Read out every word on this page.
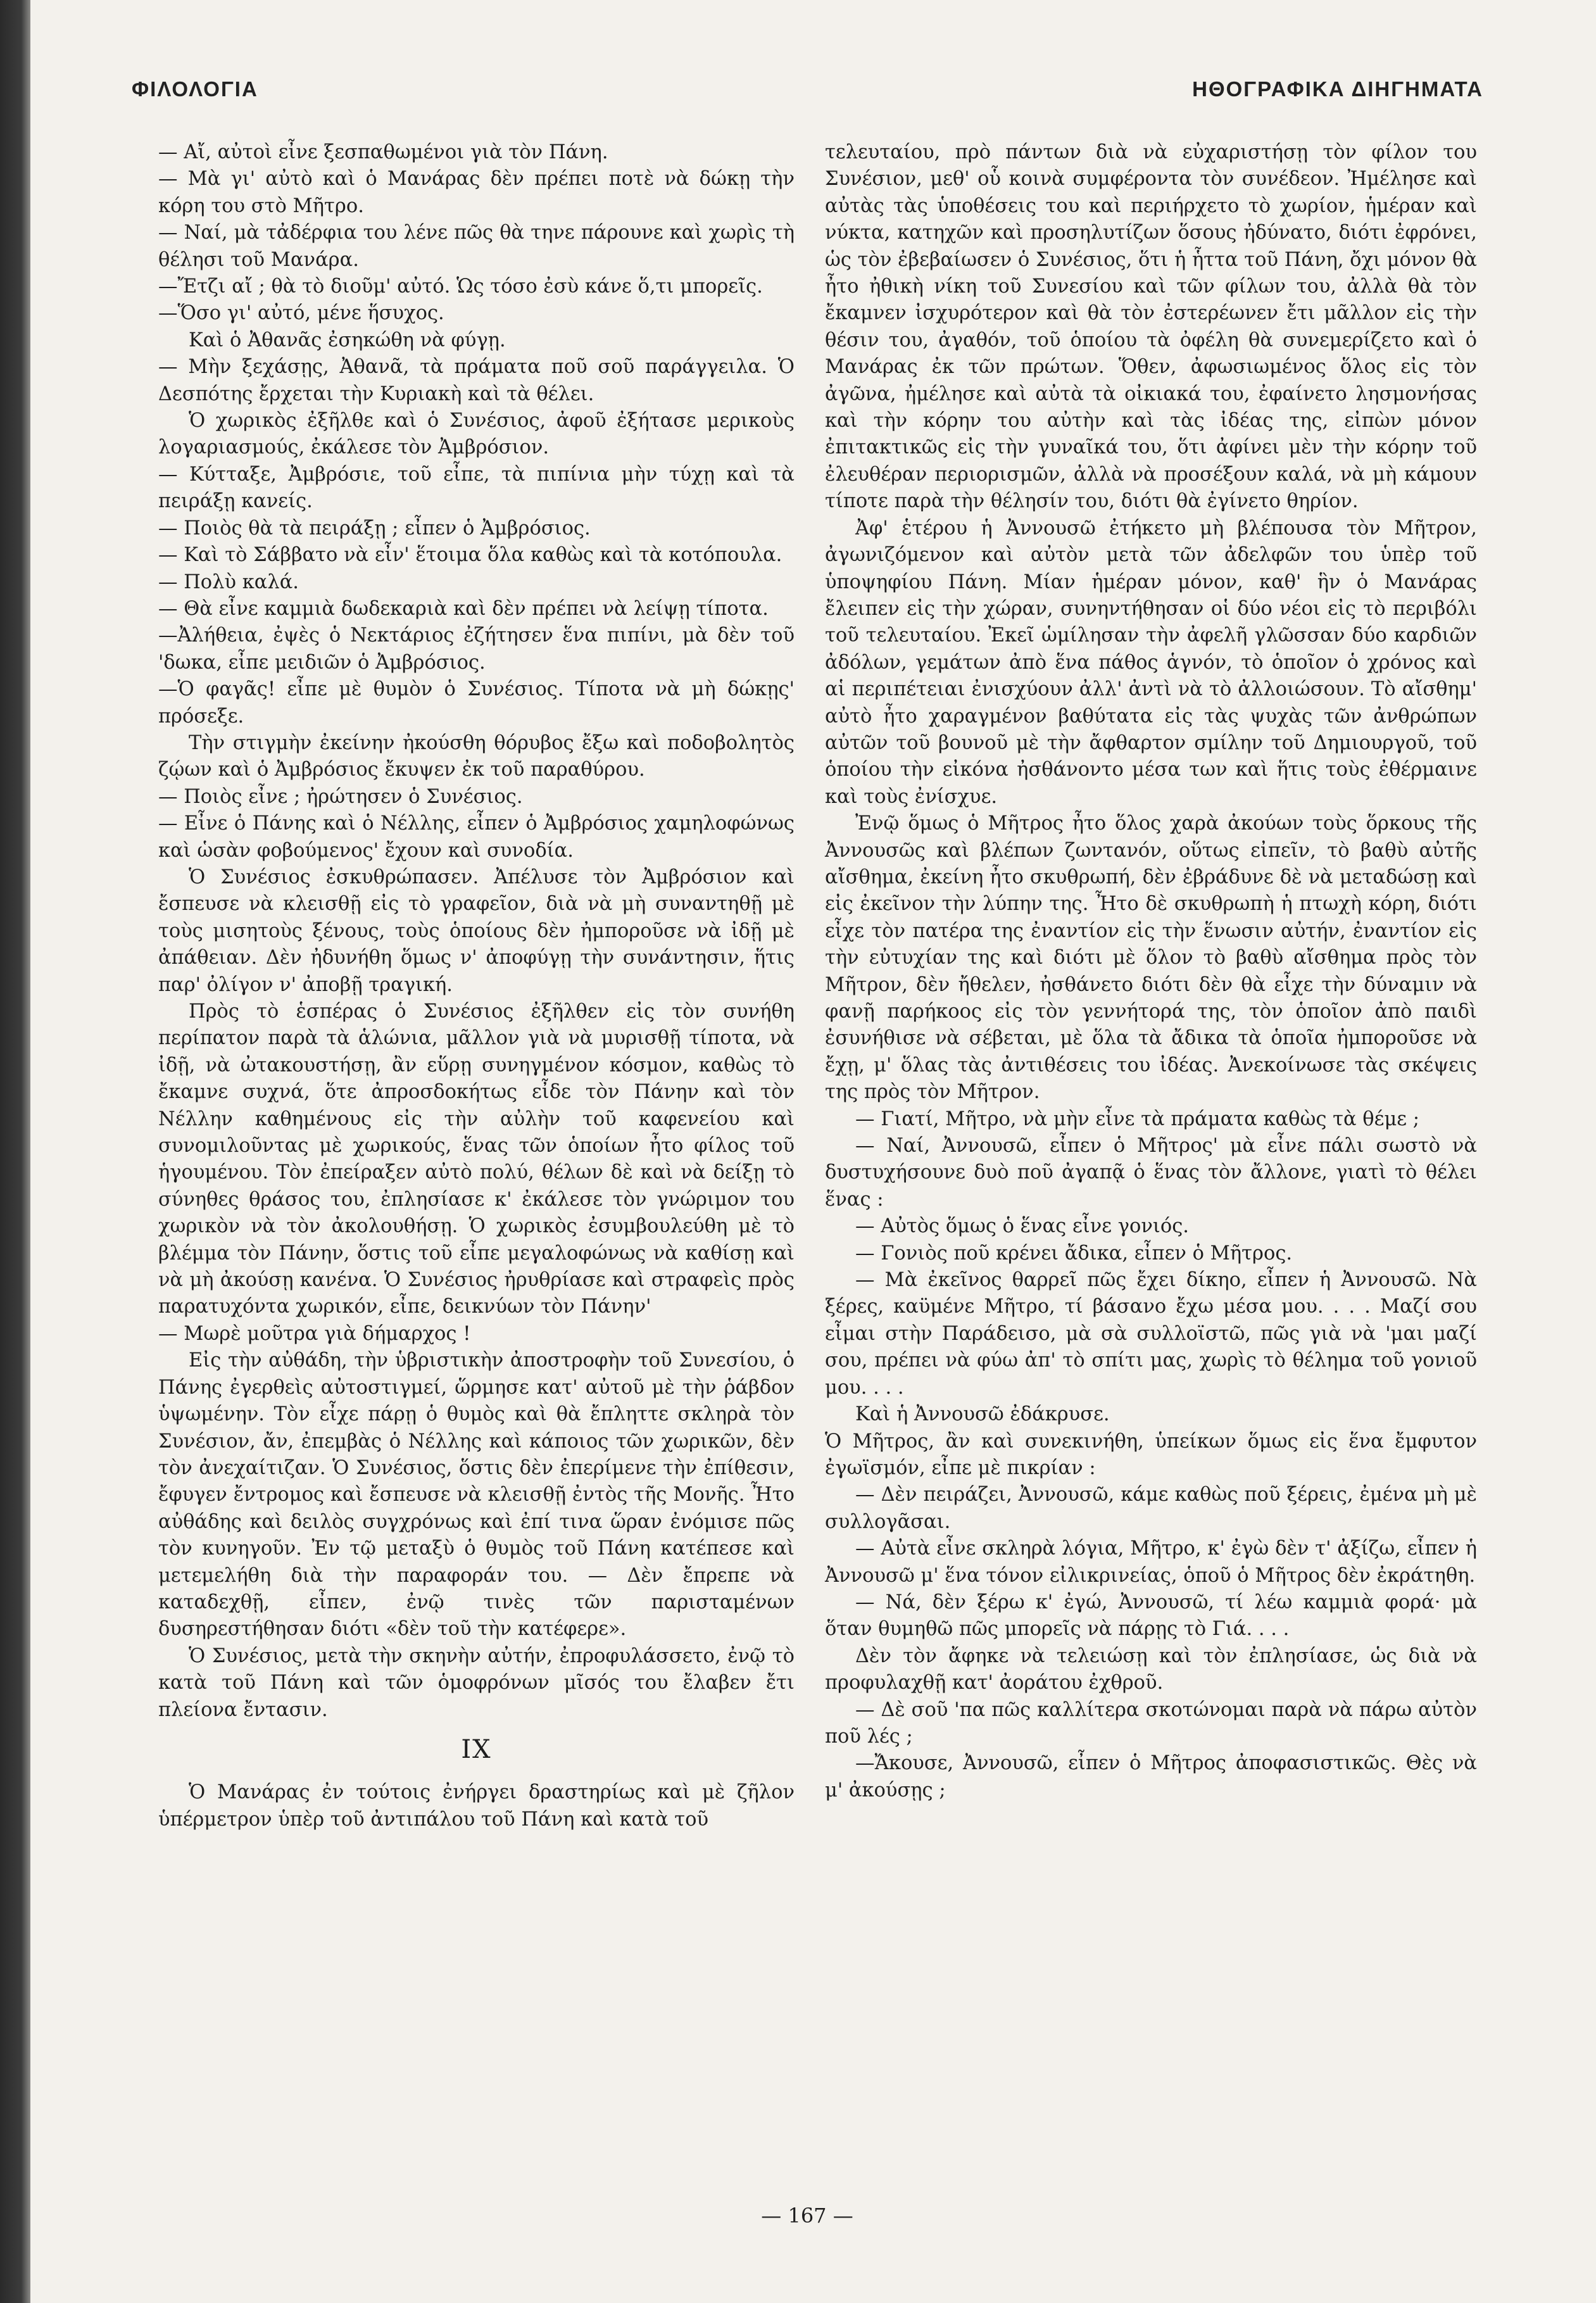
ΦΙΛΟΛΟΓΙΑ	ΗΘΟΓΡΑΦΙΚΑ ΔΙΗΓΗΜΑΤΑ

— Αἴ, αὐτοὶ εἶνε ξεσπαθωμένοι γιὰ τὸν Πάνη.

— Μὰ γι' αὐτὸ καὶ ὁ Μανάρας δὲν πρέπει ποτὲ νὰ δώκῃ τὴν κόρη του στὸ Μῆτρο.

— Ναί, μὰ τἀδέρφια του λένε πῶς θὰ τηνε πάρουνε καὶ χωρὶς τὴ θέλησι τοῦ Μανάρα.

—Ἔτζι αἴ ; θὰ τὸ διοῦμ' αὐτό. Ὡς τόσο ἐσὺ κάνε ὅ,τι μπορεῖς.

—Ὅσο γι' αὐτό, μένε ἥσυχος.

Καὶ ὁ Ἀθανᾶς ἐσηκώθη νὰ φύγῃ.

— Μὴν ξεχάσῃς, Ἀθανᾶ, τὰ πράματα ποῦ σοῦ παράγγειλα. Ὁ Δεσπότης ἔρχεται τὴν Κυριακὴ καὶ τὰ θέλει.

Ὁ χωρικὸς ἐξῆλθε καὶ ὁ Συνέσιος, ἀφοῦ ἐξήτασε μερικοὺς λογαριασμούς, ἐκάλεσε τὸν Ἀμβρόσιον.

— Κύτταξε, Ἀμβρόσιε, τοῦ εἶπε, τὰ πιπίνια μὴν τύχῃ καὶ τὰ πειράξῃ κανείς.

— Ποιὸς θὰ τὰ πειράξῃ ; εἶπεν ὁ Ἀμβρόσιος.

— Καὶ τὸ Σάββατο νὰ εἶν' ἕτοιμα ὅλα καθὼς καὶ τὰ κοτόπουλα.

— Πολὺ καλά.

— Θὰ εἶνε καμμιὰ δωδεκαριὰ καὶ δὲν πρέπει νὰ λείψῃ τίποτα.

—Ἀλήθεια, ἐψὲς ὁ Νεκτάριος ἐζήτησεν ἕνα πιπίνι, μὰ δὲν τοῦ 'δωκα, εἶπε μειδιῶν ὁ Ἀμβρόσιος.

—Ὁ φαγᾶς! εἶπε μὲ θυμὸν ὁ Συνέσιος. Τίποτα νὰ μὴ δώκῃς' πρόσεξε.

Τὴν στιγμὴν ἐκείνην ἠκούσθη θόρυβος ἔξω καὶ ποδοβολητὸς ζῴων καὶ ὁ Ἀμβρόσιος ἔκυψεν ἐκ τοῦ παραθύρου.

— Ποιὸς εἶνε ; ἠρώτησεν ὁ Συνέσιος.

— Εἶνε ὁ Πάνης καὶ ὁ Νέλλης, εἶπεν ὁ Ἀμβρόσιος χαμηλοφώνως καὶ ὡσὰν φοβούμενος' ἔχουν καὶ συνοδία.

Ὁ Συνέσιος ἐσκυθρώπασεν. Ἀπέλυσε τὸν Ἀμβρόσιον καὶ ἔσπευσε νὰ κλεισθῇ εἰς τὸ γραφεῖον, διὰ νὰ μὴ συναντηθῇ μὲ τοὺς μισητοὺς ξένους, τοὺς ὁποίους δὲν ἠμποροῦσε νὰ ἰδῇ μὲ ἀπάθειαν. Δὲν ἠδυνήθη ὅμως ν' ἀποφύγῃ τὴν συνάντησιν, ἥτις παρ' ὀλίγον ν' ἀποβῇ τραγική.

Πρὸς τὸ ἑσπέρας ὁ Συνέσιος ἐξῆλθεν εἰς τὸν συνήθη περίπατον παρὰ τὰ ἁλώνια, μᾶλλον γιὰ νὰ μυρισθῇ τίποτα, νὰ ἰδῇ, νὰ ὠτακουστήσῃ, ἂν εὕρῃ συνηγμένον κόσμον, καθὼς τὸ ἔκαμνε συχνά, ὅτε ἀπροσδοκήτως εἶδε τὸν Πάνην καὶ τὸν Νέλλην καθημένους εἰς τὴν αὐλὴν τοῦ καφενείου καὶ συνομιλοῦντας μὲ χωρικούς, ἕνας τῶν ὁποίων ἦτο φίλος τοῦ ἡγουμένου. Τὸν ἐπείραξεν αὐτὸ πολύ, θέλων δὲ καὶ νὰ δείξῃ τὸ σύνηθες θράσος του, ἐπλησίασε κ' ἐκάλεσε τὸν γνώριμον του χωρικὸν νὰ τὸν ἀκολουθήσῃ. Ὁ χωρικὸς ἐσυμβουλεύθη μὲ τὸ βλέμμα τὸν Πάνην, ὅστις τοῦ εἶπε μεγαλοφώνως νὰ καθίσῃ καὶ νὰ μὴ ἀκούσῃ κανένα. Ὁ Συνέσιος ἠρυθρίασε καὶ στραφεὶς πρὸς παρατυχόντα χωρικόν, εἶπε, δεικνύων τὸν Πάνην'

— Μωρὲ μοῦτρα γιὰ δήμαρχος !

Εἰς τὴν αὐθάδη, τὴν ὑβριστικὴν ἀποστροφὴν τοῦ Συνεσίου, ὁ Πάνης ἐγερθεὶς αὐτοστιγμεί, ὥρμησε κατ' αὐτοῦ μὲ τὴν ῥάβδον ὑψωμένην. Τὸν εἶχε πάρῃ ὁ θυμὸς καὶ θὰ ἔπληττε σκληρὰ τὸν Συνέσιον, ἄν, ἐπεμβὰς ὁ Νέλλης καὶ κάποιος τῶν χωρικῶν, δὲν τὸν ἀνεχαίτιζαν. Ὁ Συνέσιος, ὅστις δὲν ἐπερίμενε τὴν ἐπίθεσιν, ἔφυγεν ἔντρομος καὶ ἔσπευσε νὰ κλεισθῇ ἐντὸς τῆς Μονῆς. Ἦτο αὐθάδης καὶ δειλὸς συγχρόνως καὶ ἐπί τινα ὥραν ἐνόμισε πῶς τὸν κυνηγοῦν. Ἐν τῷ μεταξὺ ὁ θυμὸς τοῦ Πάνη κατέπεσε καὶ μετεμελήθη διὰ τὴν παραφοράν του. — Δὲν ἔπρεπε νὰ καταδεχθῇ, εἶπεν, ἐνῷ τινὲς τῶν παρισταμένων δυσηρεστήθησαν διότι «δὲν τοῦ τὴν κατέφερε».

Ὁ Συνέσιος, μετὰ τὴν σκηνὴν αὐτήν, ἐπροφυλάσσετο, ἐνῷ τὸ κατὰ τοῦ Πάνη καὶ τῶν ὁμοφρόνων μῖσός του ἔλαβεν ἔτι πλείονα ἔντασιν.

IX

Ὁ Μανάρας ἐν τούτοις ἐνήργει δραστηρίως καὶ μὲ ζῆλον ὑπέρμετρον ὑπὲρ τοῦ ἀντιπάλου τοῦ Πάνη καὶ κατὰ τοῦ

τελευταίου, πρὸ πάντων διὰ νὰ εὐχαριστήσῃ τὸν φίλον του Συνέσιον, μεθ' οὗ κοινὰ συμφέροντα τὸν συνέδεον. Ἠμέλησε καὶ αὐτὰς τὰς ὑποθέσεις του καὶ περιήρχετο τὸ χωρίον, ἡμέραν καὶ νύκτα, κατηχῶν καὶ προσηλυτίζων ὅσους ἠδύνατο, διότι ἐφρόνει, ὡς τὸν ἐβεβαίωσεν ὁ Συνέσιος, ὅτι ἡ ἧττα τοῦ Πάνη, ὄχι μόνον θὰ ἦτο ἠθικὴ νίκη τοῦ Συνεσίου καὶ τῶν φίλων του, ἀλλὰ θὰ τὸν ἔκαμνεν ἰσχυρότερον καὶ θὰ τὸν ἐστερέωνεν ἔτι μᾶλλον εἰς τὴν θέσιν του, ἀγαθόν, τοῦ ὁποίου τὰ ὀφέλη θὰ συνεμερίζετο καὶ ὁ Μανάρας ἐκ τῶν πρώτων. Ὅθεν, ἀφωσιωμένος ὅλος εἰς τὸν ἀγῶνα, ἠμέλησε καὶ αὐτὰ τὰ οἰκιακά του, ἐφαίνετο λησμονήσας καὶ τὴν κόρην του αὐτὴν καὶ τὰς ἰδέας της, εἰπὼν μόνον ἐπιτακτικῶς εἰς τὴν γυναῖκά του, ὅτι ἀφίνει μὲν τὴν κόρην τοῦ ἐλευθέραν περιορισμῶν, ἀλλὰ νὰ προσέξουν καλά, νὰ μὴ κάμουν τίποτε παρὰ τὴν θέλησίν του, διότι θὰ ἐγίνετο θηρίον.

Ἀφ' ἑτέρου ἡ Ἀννουσῶ ἐτήκετο μὴ βλέπουσα τὸν Μῆτρον, ἀγωνιζόμενον καὶ αὐτὸν μετὰ τῶν ἀδελφῶν του ὑπὲρ τοῦ ὑποψηφίου Πάνη. Μίαν ἡμέραν μόνον, καθ' ἣν ὁ Μανάρας ἔλειπεν εἰς τὴν χώραν, συνηντήθησαν οἱ δύο νέοι εἰς τὸ περιβόλι τοῦ τελευταίου. Ἐκεῖ ὡμίλησαν τὴν ἀφελῆ γλῶσσαν δύο καρδιῶν ἀδόλων, γεμάτων ἀπὸ ἕνα πάθος ἁγνόν, τὸ ὁποῖον ὁ χρόνος καὶ αἱ περιπέτειαι ἐνισχύουν ἀλλ' ἀντὶ νὰ τὸ ἀλλοιώσουν. Τὸ αἴσθημ' αὐτὸ ἦτο χαραγμένον βαθύτατα εἰς τὰς ψυχὰς τῶν ἀνθρώπων αὐτῶν τοῦ βουνοῦ μὲ τὴν ἄφθαρτον σμίλην τοῦ Δημιουργοῦ, τοῦ ὁποίου τὴν εἰκόνα ἠσθάνοντο μέσα των καὶ ἥτις τοὺς ἐθέρμαινε καὶ τοὺς ἐνίσχυε.

Ἐνῷ ὅμως ὁ Μῆτρος ἦτο ὅλος χαρὰ ἀκούων τοὺς ὅρκους τῆς Ἀννουσῶς καὶ βλέπων ζωντανόν, οὕτως εἰπεῖν, τὸ βαθὺ αὐτῆς αἴσθημα, ἐκείνη ἦτο σκυθρωπή, δὲν ἐβράδυνε δὲ νὰ μεταδώσῃ καὶ εἰς ἐκεῖνον τὴν λύπην της. Ἦτο δὲ σκυθρωπὴ ἡ πτωχὴ κόρη, διότι εἶχε τὸν πατέρα της ἐναντίον εἰς τὴν ἕνωσιν αὐτήν, ἐναντίον εἰς τὴν εὐτυχίαν της καὶ διότι μὲ ὅλον τὸ βαθὺ αἴσθημα πρὸς τὸν Μῆτρον, δὲν ἤθελεν, ἠσθάνετο διότι δὲν θὰ εἶχε τὴν δύναμιν νὰ φανῇ παρήκοος εἰς τὸν γεννήτορά της, τὸν ὁποῖον ἀπὸ παιδὶ ἐσυνήθισε νὰ σέβεται, μὲ ὅλα τὰ ἄδικα τὰ ὁποῖα ἠμποροῦσε νὰ ἔχῃ, μ' ὅλας τὰς ἀντιθέσεις του ἰδέας. Ἀνεκοίνωσε τὰς σκέψεις της πρὸς τὸν Μῆτρον.

— Γιατί, Μῆτρο, νὰ μὴν εἶνε τὰ πράματα καθὼς τὰ θέμε ;

— Ναί, Ἀννουσῶ, εἶπεν ὁ Μῆτρος' μὰ εἶνε πάλι σωστὸ νὰ δυστυχήσουνε δυὸ ποῦ ἀγαπᾷ ὁ ἕνας τὸν ἄλλονε, γιατὶ τὸ θέλει ἕνας :

— Αὐτὸς ὅμως ὁ ἕνας εἶνε γονιός.

— Γονιὸς ποῦ κρένει ἄδικα, εἶπεν ὁ Μῆτρος.

— Μὰ ἐκεῖνος θαρρεῖ πῶς ἔχει δίκηο, εἶπεν ἡ Ἀννουσῶ. Νὰ ξέρες, καϋμένε Μῆτρο, τί βάσανο ἔχω μέσα μου. . . . Μαζί σου εἶμαι στὴν Παράδεισο, μὰ σὰ συλλοϊστῶ, πῶς γιὰ νὰ 'μαι μαζί σου, πρέπει νὰ φύω ἀπ' τὸ σπίτι μας, χωρὶς τὸ θέλημα τοῦ γονιοῦ μου. . . .

Καὶ ἡ Ἀννουσῶ ἐδάκρυσε.

Ὁ Μῆτρος, ἂν καὶ συνεκινήθη, ὑπείκων ὅμως εἰς ἕνα ἔμφυτον ἐγωϊσμόν, εἶπε μὲ πικρίαν :

— Δὲν πειράζει, Ἀννουσῶ, κάμε καθὼς ποῦ ξέρεις, ἐμένα μὴ μὲ συλλογᾶσαι.

— Αὐτὰ εἶνε σκληρὰ λόγια, Μῆτρο, κ' ἐγὼ δὲν τ' ἀξίζω, εἶπεν ἡ Ἀννουσῶ μ' ἕνα τόνον εἰλικρινείας, ὁποῦ ὁ Μῆτρος δὲν ἐκράτηθη.

— Νά, δὲν ξέρω κ' ἐγώ, Ἀννουσῶ, τί λέω καμμιὰ φορά· μὰ ὅταν θυμηθῶ πῶς μπορεῖς νὰ πάρῃς τὸ Γιά. . . .

Δὲν τὸν ἄφηκε νὰ τελειώσῃ καὶ τὸν ἐπλησίασε, ὡς διὰ νὰ προφυλαχθῇ κατ' ἀοράτου ἐχθροῦ.

— Δὲ σοῦ 'πα πῶς καλλίτερα σκοτώνομαι παρὰ νὰ πάρω αὐτὸν ποῦ λές ;

—Ἄκουσε, Ἀννουσῶ, εἶπεν ὁ Μῆτρος ἀποφασιστικῶς. Θὲς νὰ μ' ἀκούσῃς ;

— 167 —
